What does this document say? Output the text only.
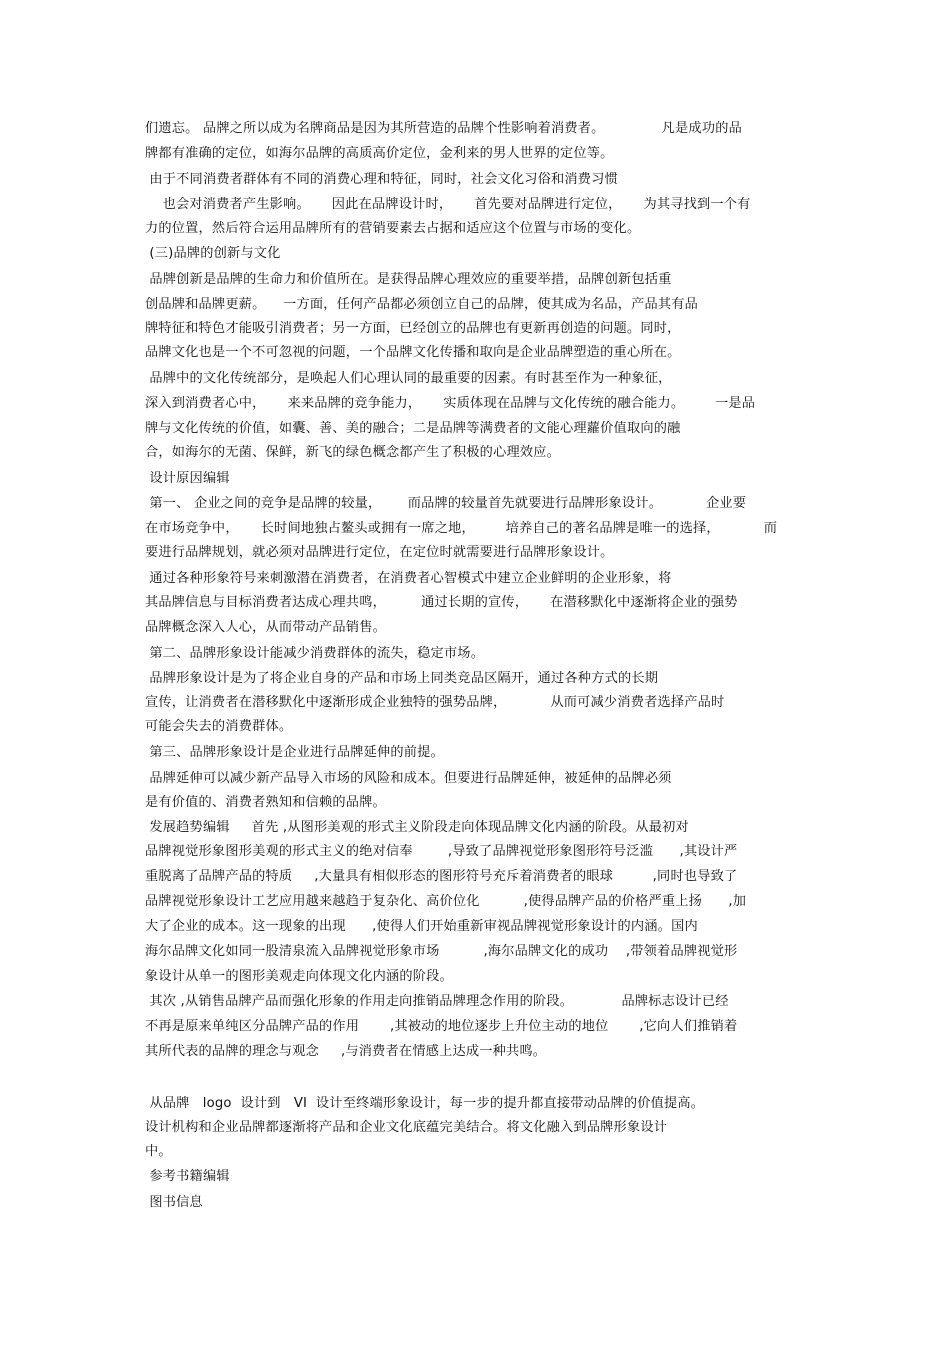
们遗忘。 品牌之所以成为名牌商品是因为其所营造的品牌个性影响着消费者。             凡是成功的品
牌都有准确的定位，如海尔品牌的高质高价定位，金利来的男人世界的定位等。
由于不同消费者群体有不同的消费心理和特征，同时，社会文化习俗和消费习惯
也会对消费者产生影响。     因此在品牌设计时，     首先要对品牌进行定位，     为其寻找到一个有
力的位置，然后符合运用品牌所有的营销要素去占据和适应这个位置与市场的变化。
(三)品牌的创新与文化
品牌创新是品牌的生命力和价值所在。是获得品牌心理效应的重要举措，品牌创新包括重
创品牌和品牌更薪。    一方面，任何产品都必须创立自己的品牌，使其成为名品，产品其有品
牌特征和特色才能吸引消费者；另一方面，已经创立的品牌也有更新再创造的问题。同时，
品牌文化也是一个不可忽视的问题，一个品牌文化传播和取向是企业品牌塑造的重心所在。
品牌中的文化传统部分，是唤起人们心理认同的最重要的因素。有时甚至作为一种象征，
深入到消费者心中，     来来品牌的竞争能力，     实质体现在品牌与文化传统的融合能力。       一是品
牌与文化传统的价值，如囊、善、美的融合；二是品牌等满费者的文能心理蘿价值取向的融
合，如海尔的无菌、保鲜，新飞的绿色概念都产生了积极的心理效应。
设计原因编辑
第一、 企业之间的竞争是品牌的较量，      而品牌的较量首先就要进行品牌形象设计。          企业要
在市场竞争中，     长时间地独占鳌头或拥有一席之地，       培养自己的著名品牌是唯一的选择，          而
要进行品牌规划，就必须对品牌进行定位，在定位时就需要进行品牌形象设计。
通过各种形象符号来刺激潜在消费者，在消费者心智模式中建立企业鲜明的企业形象，将
其品牌信息与目标消费者达成心理共鸣，        通过长期的宣传，     在潜移默化中逐渐将企业的强势
品牌概念深入人心，从而带动产品销售。
第二、品牌形象设计能减少消费群体的流失，稳定市场。
品牌形象设计是为了将企业自身的产品和市场上同类竞品区隔开，通过各种方式的长期
宣传，让消费者在潜移默化中逐渐形成企业独特的强势品牌，          从而可减少消费者选择产品时
可能会失去的消费群体。
第三、品牌形象设计是企业进行品牌延伸的前提。
品牌延伸可以减少新产品导入市场的风险和成本。但要进行品牌延伸，被延伸的品牌必须
是有价值的、消费者熟知和信赖的品牌。
发展趋势编辑     首先 ,从图形美观的形式主义阶段走向体现品牌文化内涵的阶段。从最初对
品牌视觉形象图形美观的形式主义的绝对信奉        ,导致了品牌视觉形象图形符号泛滥      ,其设计严
重脱离了品牌产品的特质     ,大量具有相似形态的图形符号充斥着消费者的眼球         ,同时也导致了
品牌视觉形象设计工艺应用越来越趋于复杂化、高价位化          ,使得品牌产品的价格严重上扬      ,加
大了企业的成本。这一现象的出现      ,使得人们开始重新审视品牌视觉形象设计的内涵。国内
海尔品牌文化如同一股清泉流入品牌视觉形象市场          ,海尔品牌文化的成功    ,带领着品牌视觉形
象设计从单一的图形美观走向体现文化内涵的阶段。
其次 ,从销售品牌产品而强化形象的作用走向推销品牌理念作用的阶段。           品牌标志设计已经
不再是原来单纯区分品牌产品的作用       ,其被动的地位逐步上升位主动的地位       ,它向人们推销着
其所代表的品牌的理念与观念     ,与消费者在情感上达成一种共鸣。
从品牌   logo  设计到   VI  设计至终端形象设计，每一步的提升都直接带动品牌的价值提高。
设计机构和企业品牌都逐渐将产品和企业文化底蕴完美结合。将文化融入到品牌形象设计
中。
参考书籍编辑
图书信息
